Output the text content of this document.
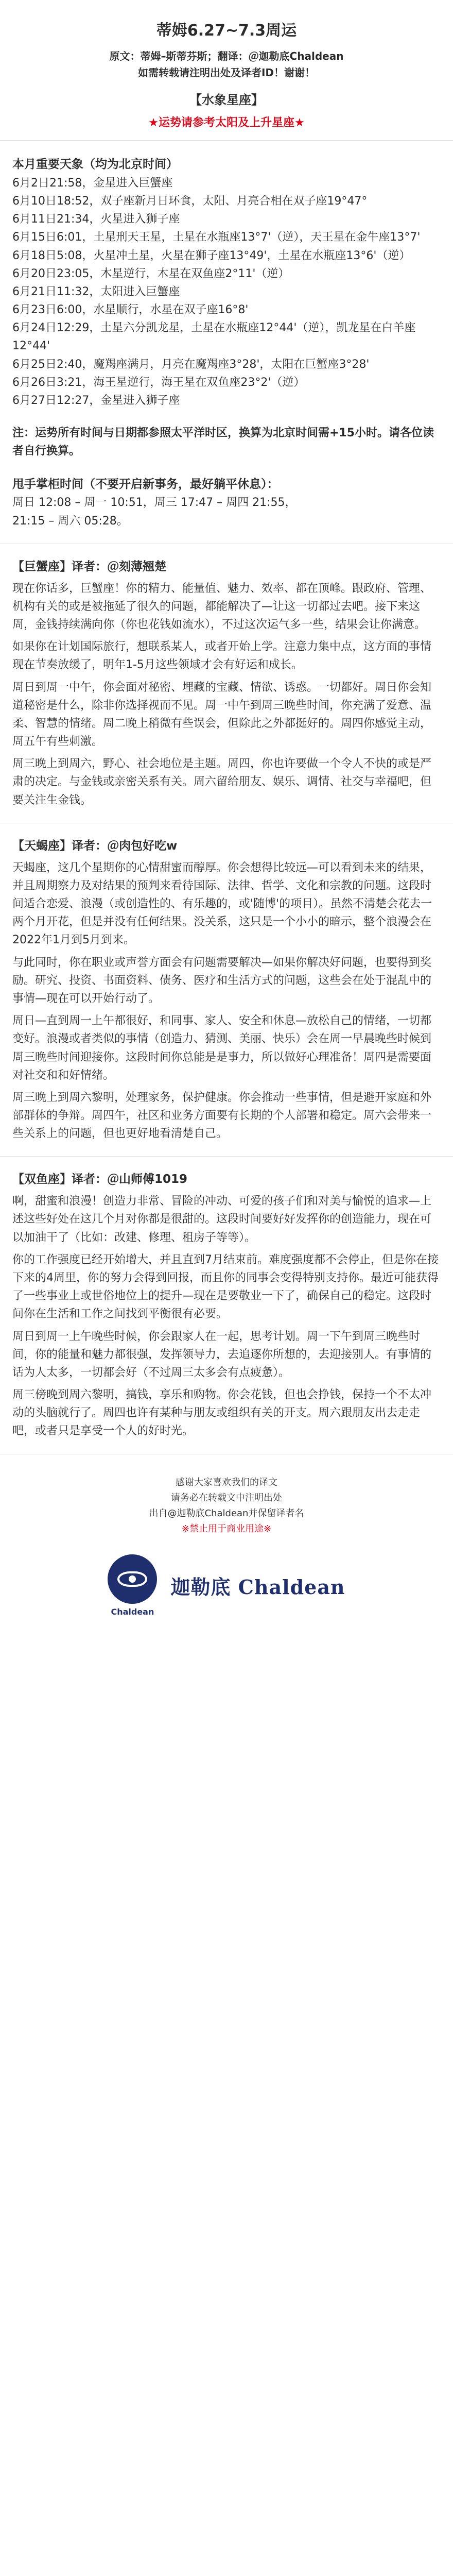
蒂姆6.27~7.3周运
原文：蒂姆–斯蒂芬斯；翻译：＠迦勒底Chaldean
如需转载请注明出处及译者ID！谢谢！
【水象星座】
★运势请参考太阳及上升星座★
本月重要天象（均为北京时间）
6月2日21:58，金星进入巨蟹座
6月10日18:52，双子座新月日环食，太阳、月亮合相在双子座19°47°
6月11日21:34，火星进入狮子座
6月15日6:01，土星刑天王星，土星在水瓶座13°7'（逆），天王星在金牛座13°7'
6月18日5:08，火星冲土星，火星在狮子座13°49'，土星在水瓶座13°6'（逆）
6月20日23:05，木星逆行，木星在双鱼座2°11'（逆）
6月21日11:32，太阳进入巨蟹座
6月23日6:00，水星顺行，水星在双子座16°8'
6月24日12:29，土星六分凯龙星，土星在水瓶座12°44'（逆），凯龙星在白羊座12°44'
6月25日2:40，魔羯座满月，月亮在魔羯座3°28'，太阳在巨蟹座3°28'
6月26日3:21，海王星逆行，海王星在双鱼座23°2'（逆）
6月27日12:27，金星进入狮子座
注：运势所有时间与日期都参照太平洋时区，换算为北京时间需+15小时。请各位读者自行换算。
甩手掌柜时间（不要开启新事务，最好躺平休息）：
周日 12:08 – 周一 10:51，周三 17:47 – 周四 21:55，
21:15 – 周六 05:28。
【巨蟹座】译者：＠刻薄翘楚
现在你话多，巨蟹座！你的精力、能量值、魅力、效率、都在顶峰。跟政府、管理、机构有关的或是被拖延了很久的问题，都能解决了—让这一切都过去吧。接下来这周，金钱持续满向你（你也花钱如流水），不过这次运气多一些，结果会让你满意。
如果你在计划国际旅行，想联系某人，或者开始上学。注意力集中点，这方面的事情现在节奏放缓了，明年1-5月这些领域才会有好运和成长。
周日到周一中午，你会面对秘密、埋藏的宝藏、情欲、诱惑。一切都好。周日你会知道秘密是什么，除非你选择视而不见。周一中午到周三晚些时间，你充满了爱意、温柔、智慧的情绪。周二晚上稍微有些误会，但除此之外都挺好的。周四你感觉主动，周五午有些刺激。
周三晚上到周六，野心、社会地位是主题。周四，你也许要做一个令人不快的或是严肃的决定。与金钱或亲密关系有关。周六留给朋友、娱乐、调情、社交与幸福吧，但要关注生金钱。
【天蝎座】译者：＠肉包好吃w
天蝎座，这几个星期你的心情甜蜜而醇厚。你会想得比较远—可以看到未来的结果，并且周期察力及对结果的预判来看待国际、法律、哲学、文化和宗教的问题。这段时间适合恋爱、浪漫（或创造性的、有乐趣的，或'随博'的项目）。虽然不清楚会花去一两个月开花，但是并没有任何结果。没关系，这只是一个小小的暗示，整个浪漫会在2022年1月到5月到来。
与此同时，你在职业或声誉方面会有问题需要解决—如果你解决好问题，也要得到奖励。研究、投资、书面资料、债务、医疗和生活方式的问题，这些会在处于混乱中的事情—现在可以开始行动了。
周日—直到周一上午都很好，和同事、家人、安全和休息—放松自己的情绪，一切都变好。浪漫或者类似的事情（创造力、猜测、美丽、快乐）会在周一早晨晚些时候到周三晚些时间迎接你。这段时间你总能是是事力，所以做好心理准备！周四是需要面对社交和和好情绪。
周三晚上到周六黎明，处理家务，保护健康。你会推动一些事情，但是避开家庭和外部群体的争辩。周四午，社区和业务方面要有长期的个人部署和稳定。周六会带来一些关系上的问题，但也更好地看清楚自己。
【双鱼座】译者：＠山师傅1019
啊，甜蜜和浪漫！创造力非常、冒险的冲动、可爱的孩子们和对美与愉悦的追求—上述这些好处在这几个月对你都是很甜的。这段时间要好好发挥你的创造能力，现在可以加油干了（比如：改建、修理、租房子等等）。
你的工作强度已经开始增大，并且直到7月结束前。难度强度都不会停止，但是你在接下来的4周里，你的努力会得到回报，而且你的同事会变得特别支持你。最近可能获得了一些事业上或世俗地位上的提升—现在是要敬业一下了，确保自己的稳定。这段时间你在生活和工作之间找到平衡很有必要。
周日到周一上午晚些时候，你会跟家人在一起，思考计划。周一下午到周三晚些时间，你的能量和魅力都很强，发挥领导力，去追逐你所想的，去迎接别人。有事情的话为人太多，一切都会好（不过周三太多会有点疲惫）。
周三傍晚到周六黎明，搞钱，享乐和购物。你会花钱，但也会挣钱，保持一个不太冲动的头脑就行了。周四也许有某种与朋友或组织有关的开支。周六跟朋友出去走走吧，或者只是享受一个人的好时光。
感谢大家喜欢我们的译文
请务必在转载文中注明出处
出自@迦勒底Chaldean并保留译者名
※禁止用于商业用途※
Chaldean
迦勒底 Chaldean
